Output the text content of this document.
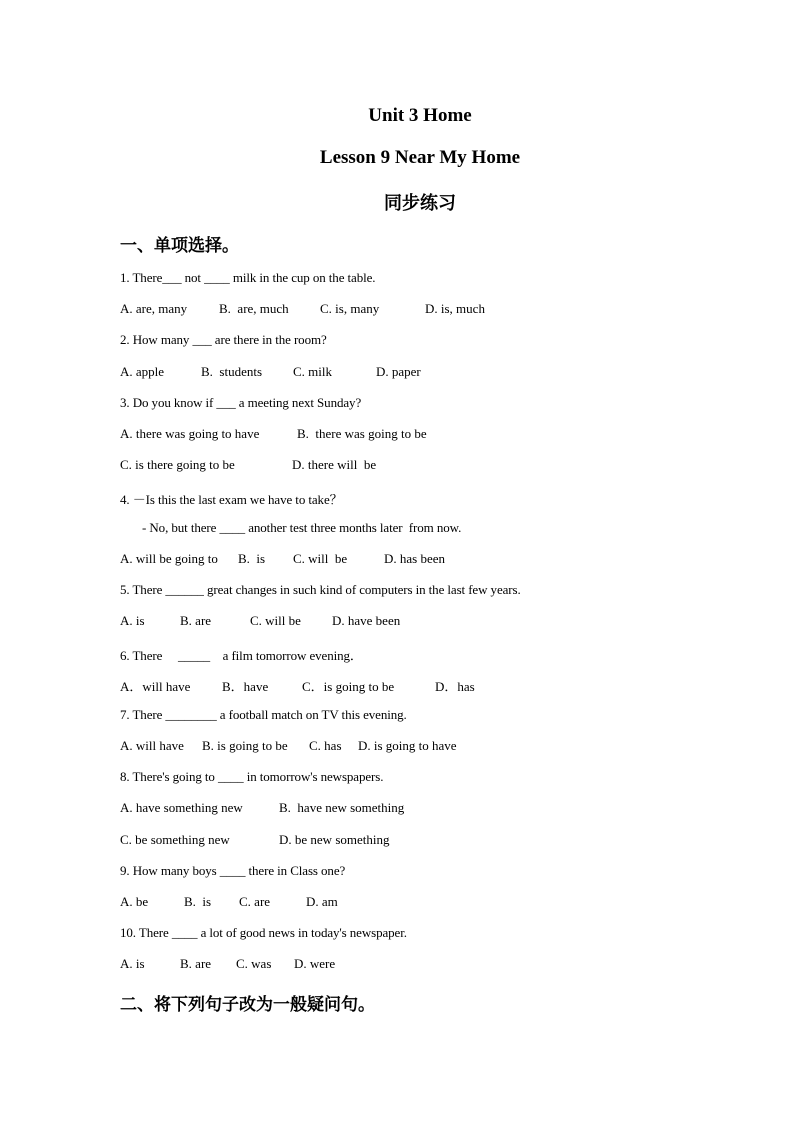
Unit 3 Home
Lesson 9 Near My Home
同步练习
一、单项选择。
1. There___ not ____ milk in the cup on the table.
A. are, many B.  are, much C. is, many	D. is, much
2. How many ___ are there in the room?
A. apple	B.  students C. milk	D. paper
3. Do you know if ___ a meeting next Sunday?
A. there was going to have	B.  there was going to be
C. is there going to be	D. there will  be
4. －Is this the last exam we have to take？
- No, but there ____ another test three months later  from now.
A. will be going to B.  is C. will  be	D. has been
5. There ______ great changes in such kind of computers in the last few years.
A. is	B. are	C. will be D. have been
6. There     _____    a film tomorrow evening．
A．will have B．have	C．is going to be	D．has
7. There ________ a football match on TV this evening.
A. will have B. is going to be C. has D. is going to have
8. There's going to ____ in tomorrow's newspapers.
A. have something new	B.  have new something
C. be something new	D. be new something
9. How many boys ____ there in Class one?
A. be	B.  is C. are	D. am
10. There ____ a lot of good news in today's newspaper.
A. is	B. are C. was D. were
二、将下列句子改为一般疑问句。
